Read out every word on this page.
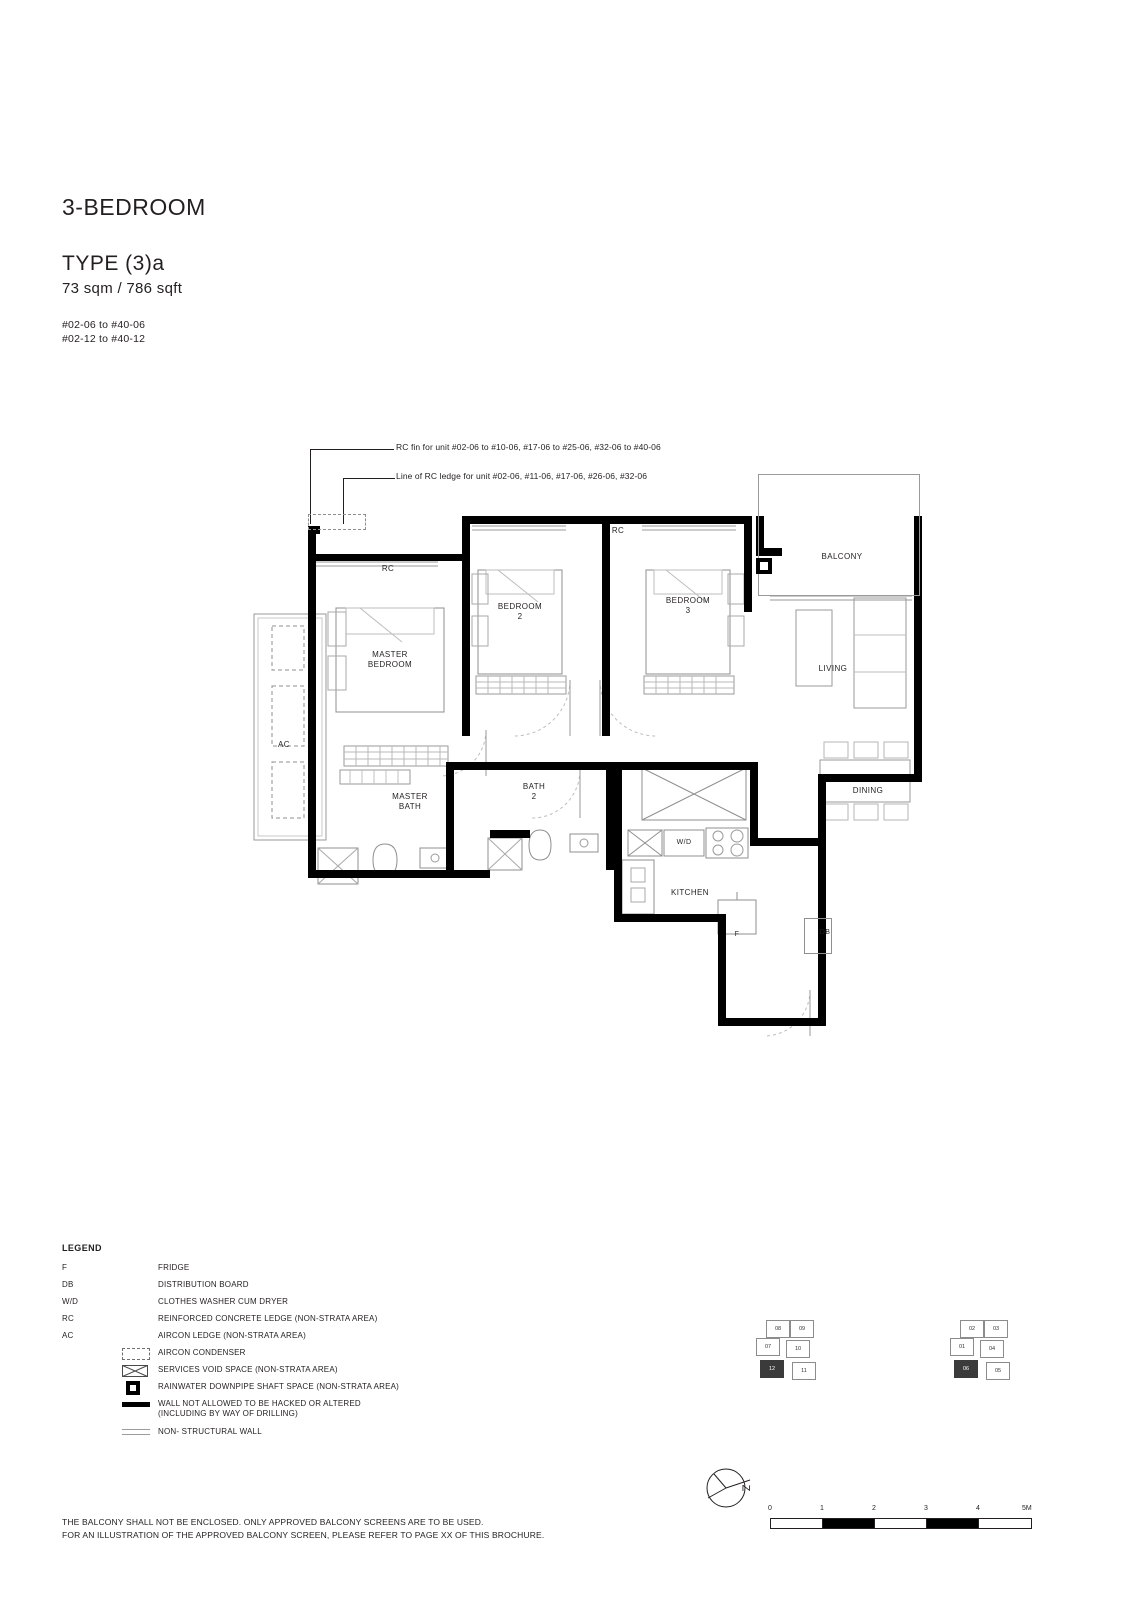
3-BEDROOM
TYPE (3)a
73 sqm / 786 sqft
#02-06 to #40-06
#02-12 to #40-12
RC fin for unit #02-06 to #10-06, #17-06 to #25-06, #32-06 to #40-06
Line of RC ledge for unit #02-06, #11-06, #17-06, #26-06, #32-06
RC
RC
BALCONY
LIVING
DINING
KITCHEN
MASTER
BEDROOM
BEDROOM
2
BEDROOM
3
MASTER
BATH
BATH
2
AC
W/D
F	DB
LEGEND
F	FRIDGE
DB	DISTRIBUTION BOARD
W/D	CLOTHES WASHER CUM DRYER
RC	REINFORCED CONCRETE LEDGE (NON-STRATA AREA)
AC	AIRCON LEDGE (NON-STRATA AREA)
AIRCON CONDENSER
SERVICES VOID SPACE (NON-STRATA AREA)
RAINWATER DOWNPIPE SHAFT SPACE (NON-STRATA AREA)
WALL NOT ALLOWED TO BE HACKED OR ALTERED
(INCLUDING BY WAY OF DRILLING)
NON- STRUCTURAL WALL
THE BALCONY SHALL NOT BE ENCLOSED. ONLY APPROVED BALCONY SCREENS ARE TO BE USED.
FOR AN ILLUSTRATION OF THE APPROVED BALCONY SCREEN, PLEASE REFER TO PAGE XX OF THIS BROCHURE.
08	09
07	10
12	11
02	03
01	04
06	05
Z
0	1	2	3	4	5M
